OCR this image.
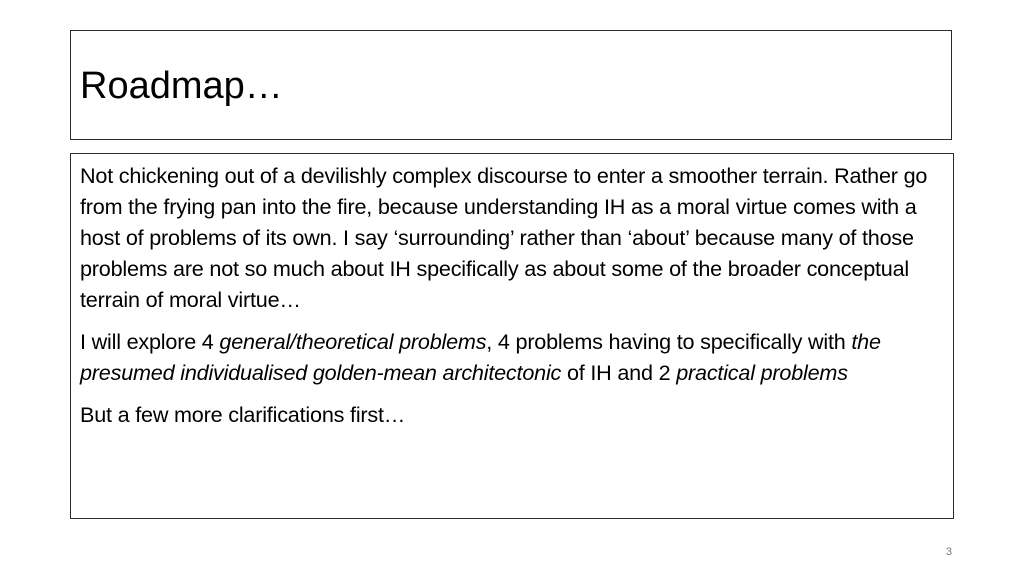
Roadmap…

Not chickening out of a devilishly complex discourse to enter a smoother terrain. Rather go from the frying pan into the fire, because understanding IH as a moral virtue comes with a host of problems of its own. I say ‘surrounding’ rather than ‘about’ because many of those problems are not so much about IH specifically as about some of the broader conceptual terrain of moral virtue…

I will explore 4 general/theoretical problems, 4 problems having to specifically with the presumed individualised golden-mean architectonic of IH and 2 practical problems

But a few more clarifications first…

3
